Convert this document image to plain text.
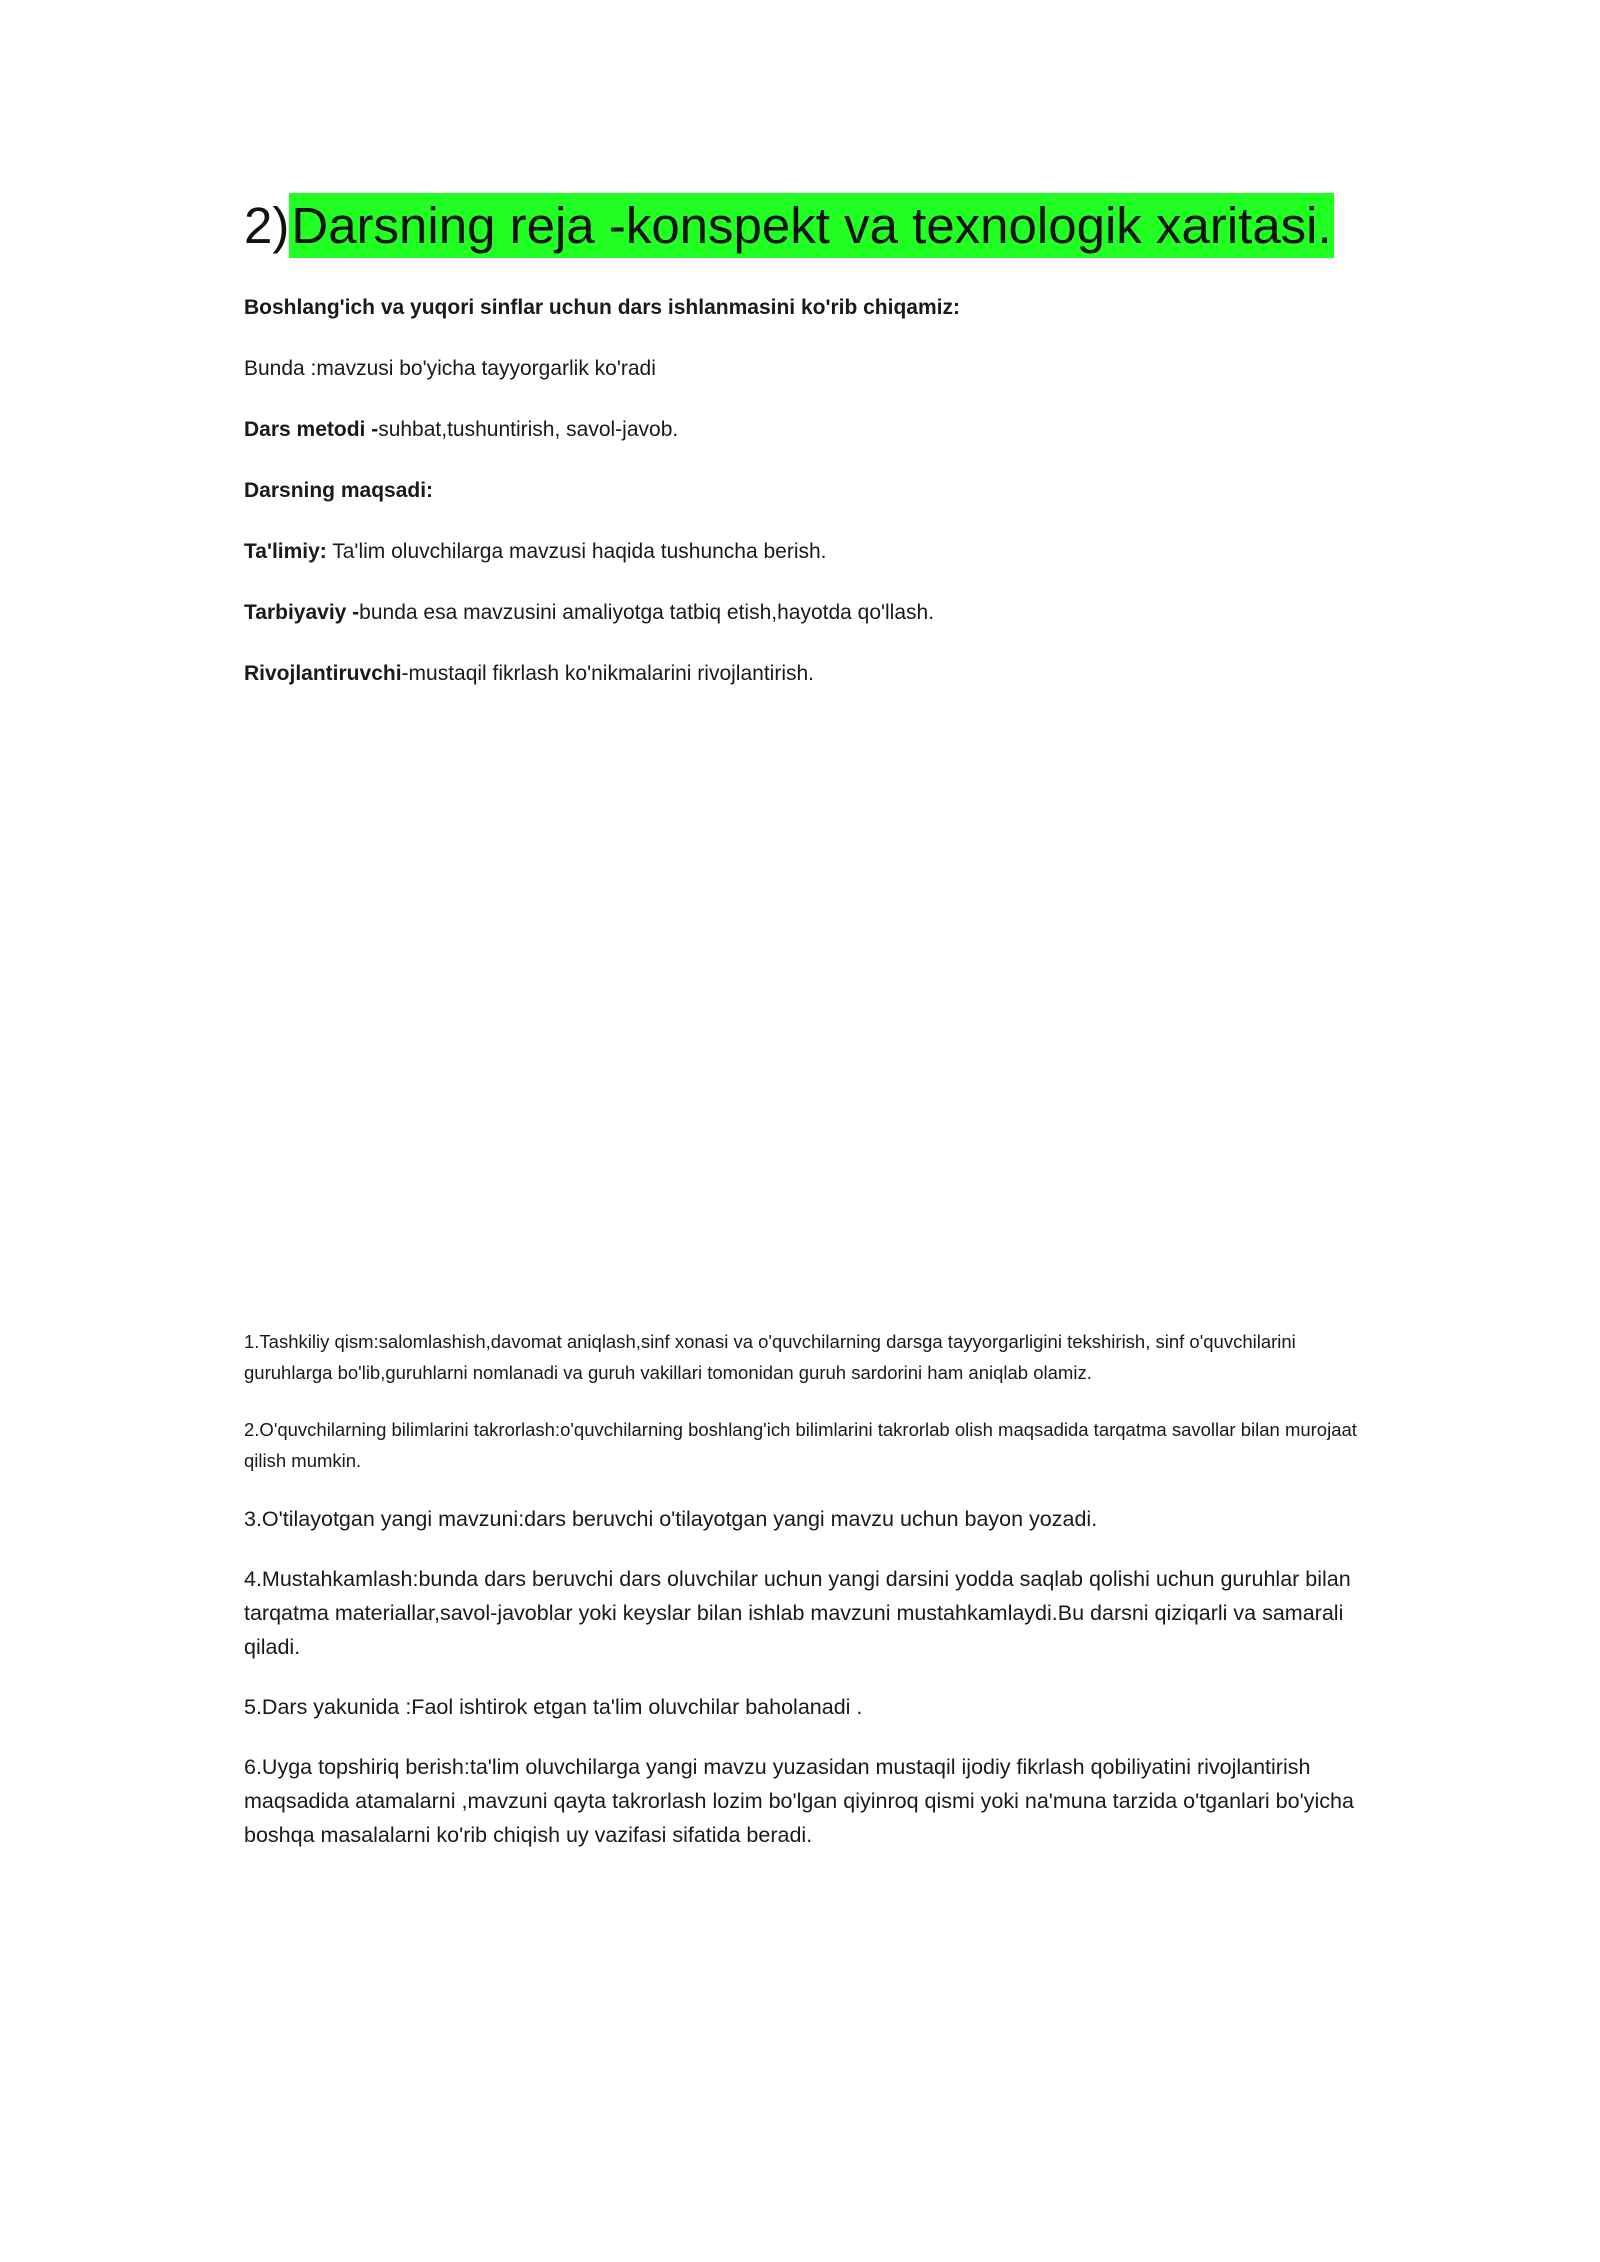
2)Darsning reja -konspekt va texnologik xaritasi.

Boshlang'ich va yuqori sinflar uchun dars ishlanmasini ko'rib chiqamiz:

Bunda :mavzusi bo'yicha tayyorgarlik ko'radi

Dars metodi -suhbat,tushuntirish, savol-javob.

Darsning maqsadi:

Ta'limiy: Ta'lim oluvchilarga mavzusi haqida tushuncha berish.

Tarbiyaviy -bunda esa mavzusini amaliyotga tatbiq etish,hayotda qo'llash.

Rivojlantiruvchi-mustaqil fikrlash ko'nikmalarini rivojlantirish.

1.Tashkiliy qism:salomlashish,davomat aniqlash,sinf xonasi va o'quvchilarning darsga tayyorgarligini tekshirish, sinf o'quvchilarini guruhlarga bo'lib,guruhlarni nomlanadi va guruh vakillari tomonidan guruh sardorini ham aniqlab olamiz.

2.O'quvchilarning bilimlarini takrorlash:o'quvchilarning boshlang'ich bilimlarini takrorlab olish maqsadida tarqatma savollar bilan murojaat qilish mumkin.

3.O'tilayotgan yangi mavzuni:dars beruvchi o'tilayotgan yangi mavzu uchun bayon yozadi.

4.Mustahkamlash:bunda dars beruvchi dars oluvchilar uchun yangi darsini yodda saqlab qolishi uchun guruhlar bilan tarqatma materiallar,savol-javoblar yoki keyslar bilan ishlab mavzuni mustahkamlaydi.Bu darsni qiziqarli va samarali qiladi.

5.Dars yakunida :Faol ishtirok etgan ta'lim oluvchilar baholanadi .

6.Uyga topshiriq berish:ta'lim oluvchilarga yangi mavzu yuzasidan mustaqil ijodiy fikrlash qobiliyatini rivojlantirish maqsadida atamalarni ,mavzuni qayta takrorlash lozim bo'lgan qiyinroq qismi yoki na'muna tarzida o'tganlari bo'yicha boshqa masalalarni ko'rib chiqish uy vazifasi sifatida beradi.
